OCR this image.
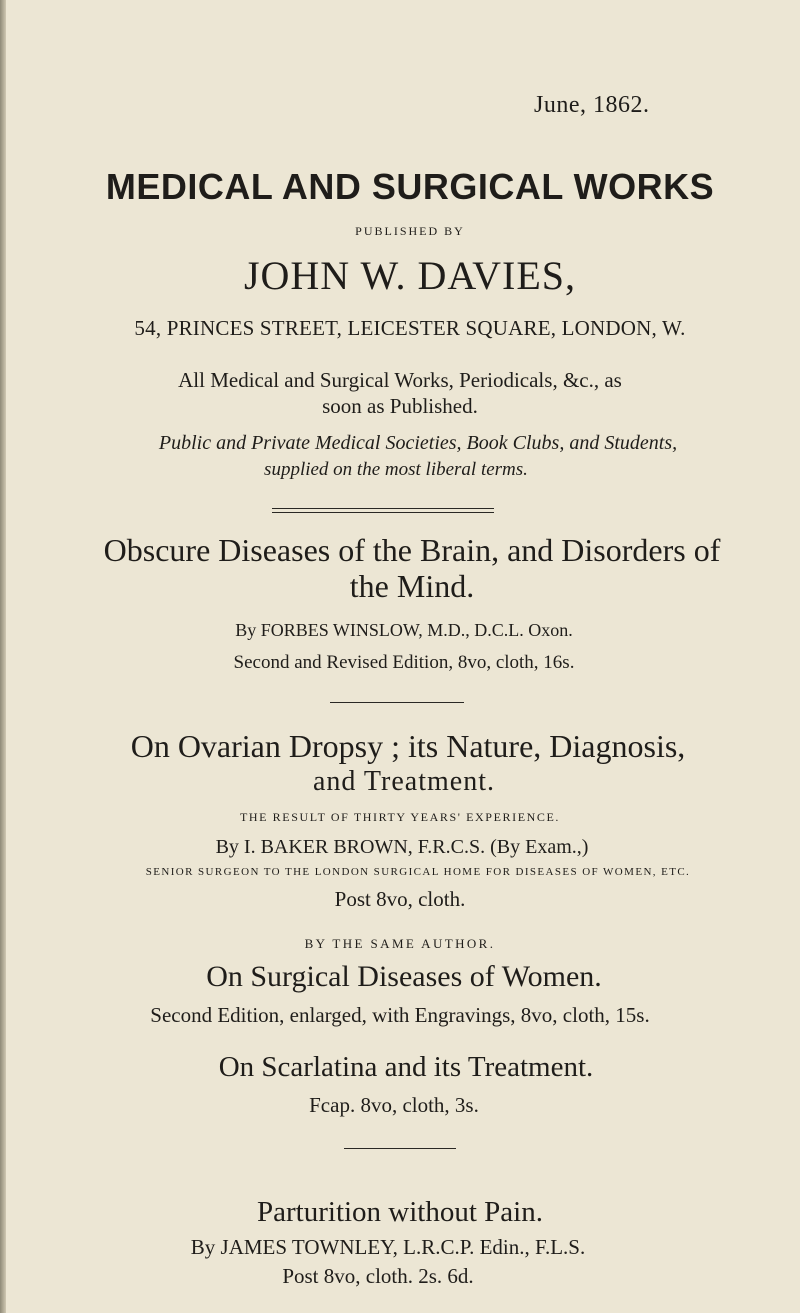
June, 1862.
MEDICAL AND SURGICAL WORKS
PUBLISHED BY
JOHN W. DAVIES,
54, PRINCES STREET, LEICESTER SQUARE, LONDON, W.
All Medical and Surgical Works, Periodicals, &c., as
soon as Published.
Public and Private Medical Societies, Book Clubs, and Students,
supplied on the most liberal terms.
Obscure Diseases of the Brain, and Disorders of
the Mind.
By FORBES WINSLOW, M.D., D.C.L. Oxon.
Second and Revised Edition, 8vo, cloth, 16s.
On Ovarian Dropsy ; its Nature, Diagnosis,
and Treatment.
THE RESULT OF THIRTY YEARS' EXPERIENCE.
By I. BAKER BROWN, F.R.C.S. (By Exam.,)
SENIOR SURGEON TO THE LONDON SURGICAL HOME FOR DISEASES OF WOMEN, ETC.
Post 8vo, cloth.
BY THE SAME AUTHOR.
On Surgical Diseases of Women.
Second Edition, enlarged, with Engravings, 8vo, cloth, 15s.
On Scarlatina and its Treatment.
Fcap. 8vo, cloth, 3s.
Parturition without Pain.
By JAMES TOWNLEY, L.R.C.P. Edin., F.L.S.
Post 8vo, cloth. 2s. 6d.
